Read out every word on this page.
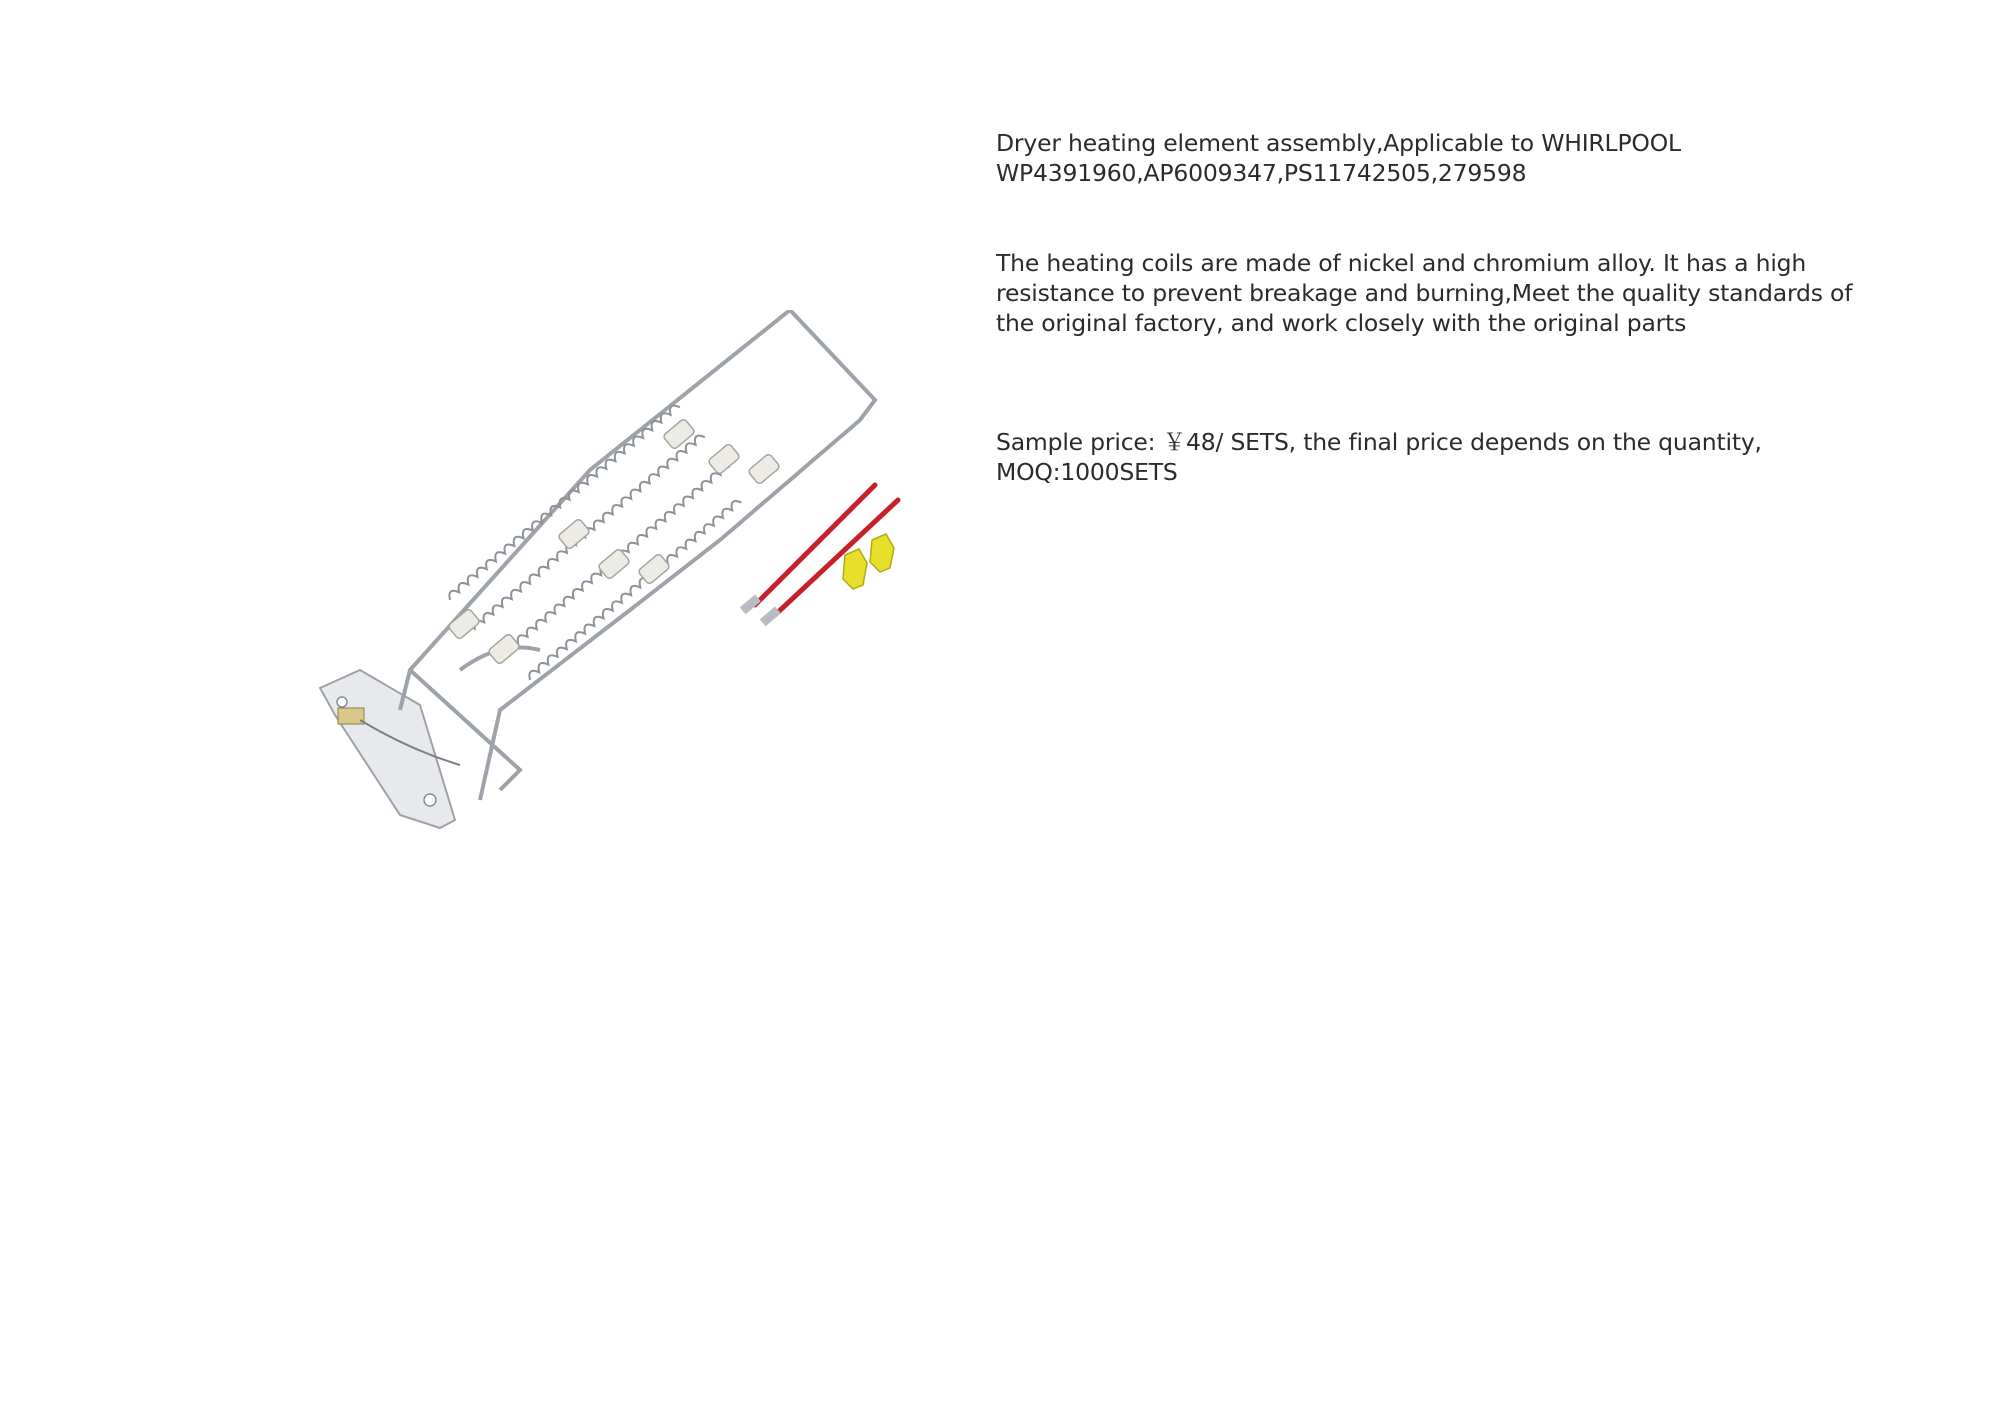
Dryer heating element assembly,Applicable to WHIRLPOOL
WP4391960,AP6009347,PS11742505,279598
The heating coils are made of nickel and chromium alloy. It has a high
resistance to prevent breakage and burning,Meet the quality standards of
the original factory, and work closely with the original parts
Sample price: ￥48/ SETS, the final price depends on the quantity,
MOQ:1000SETS
